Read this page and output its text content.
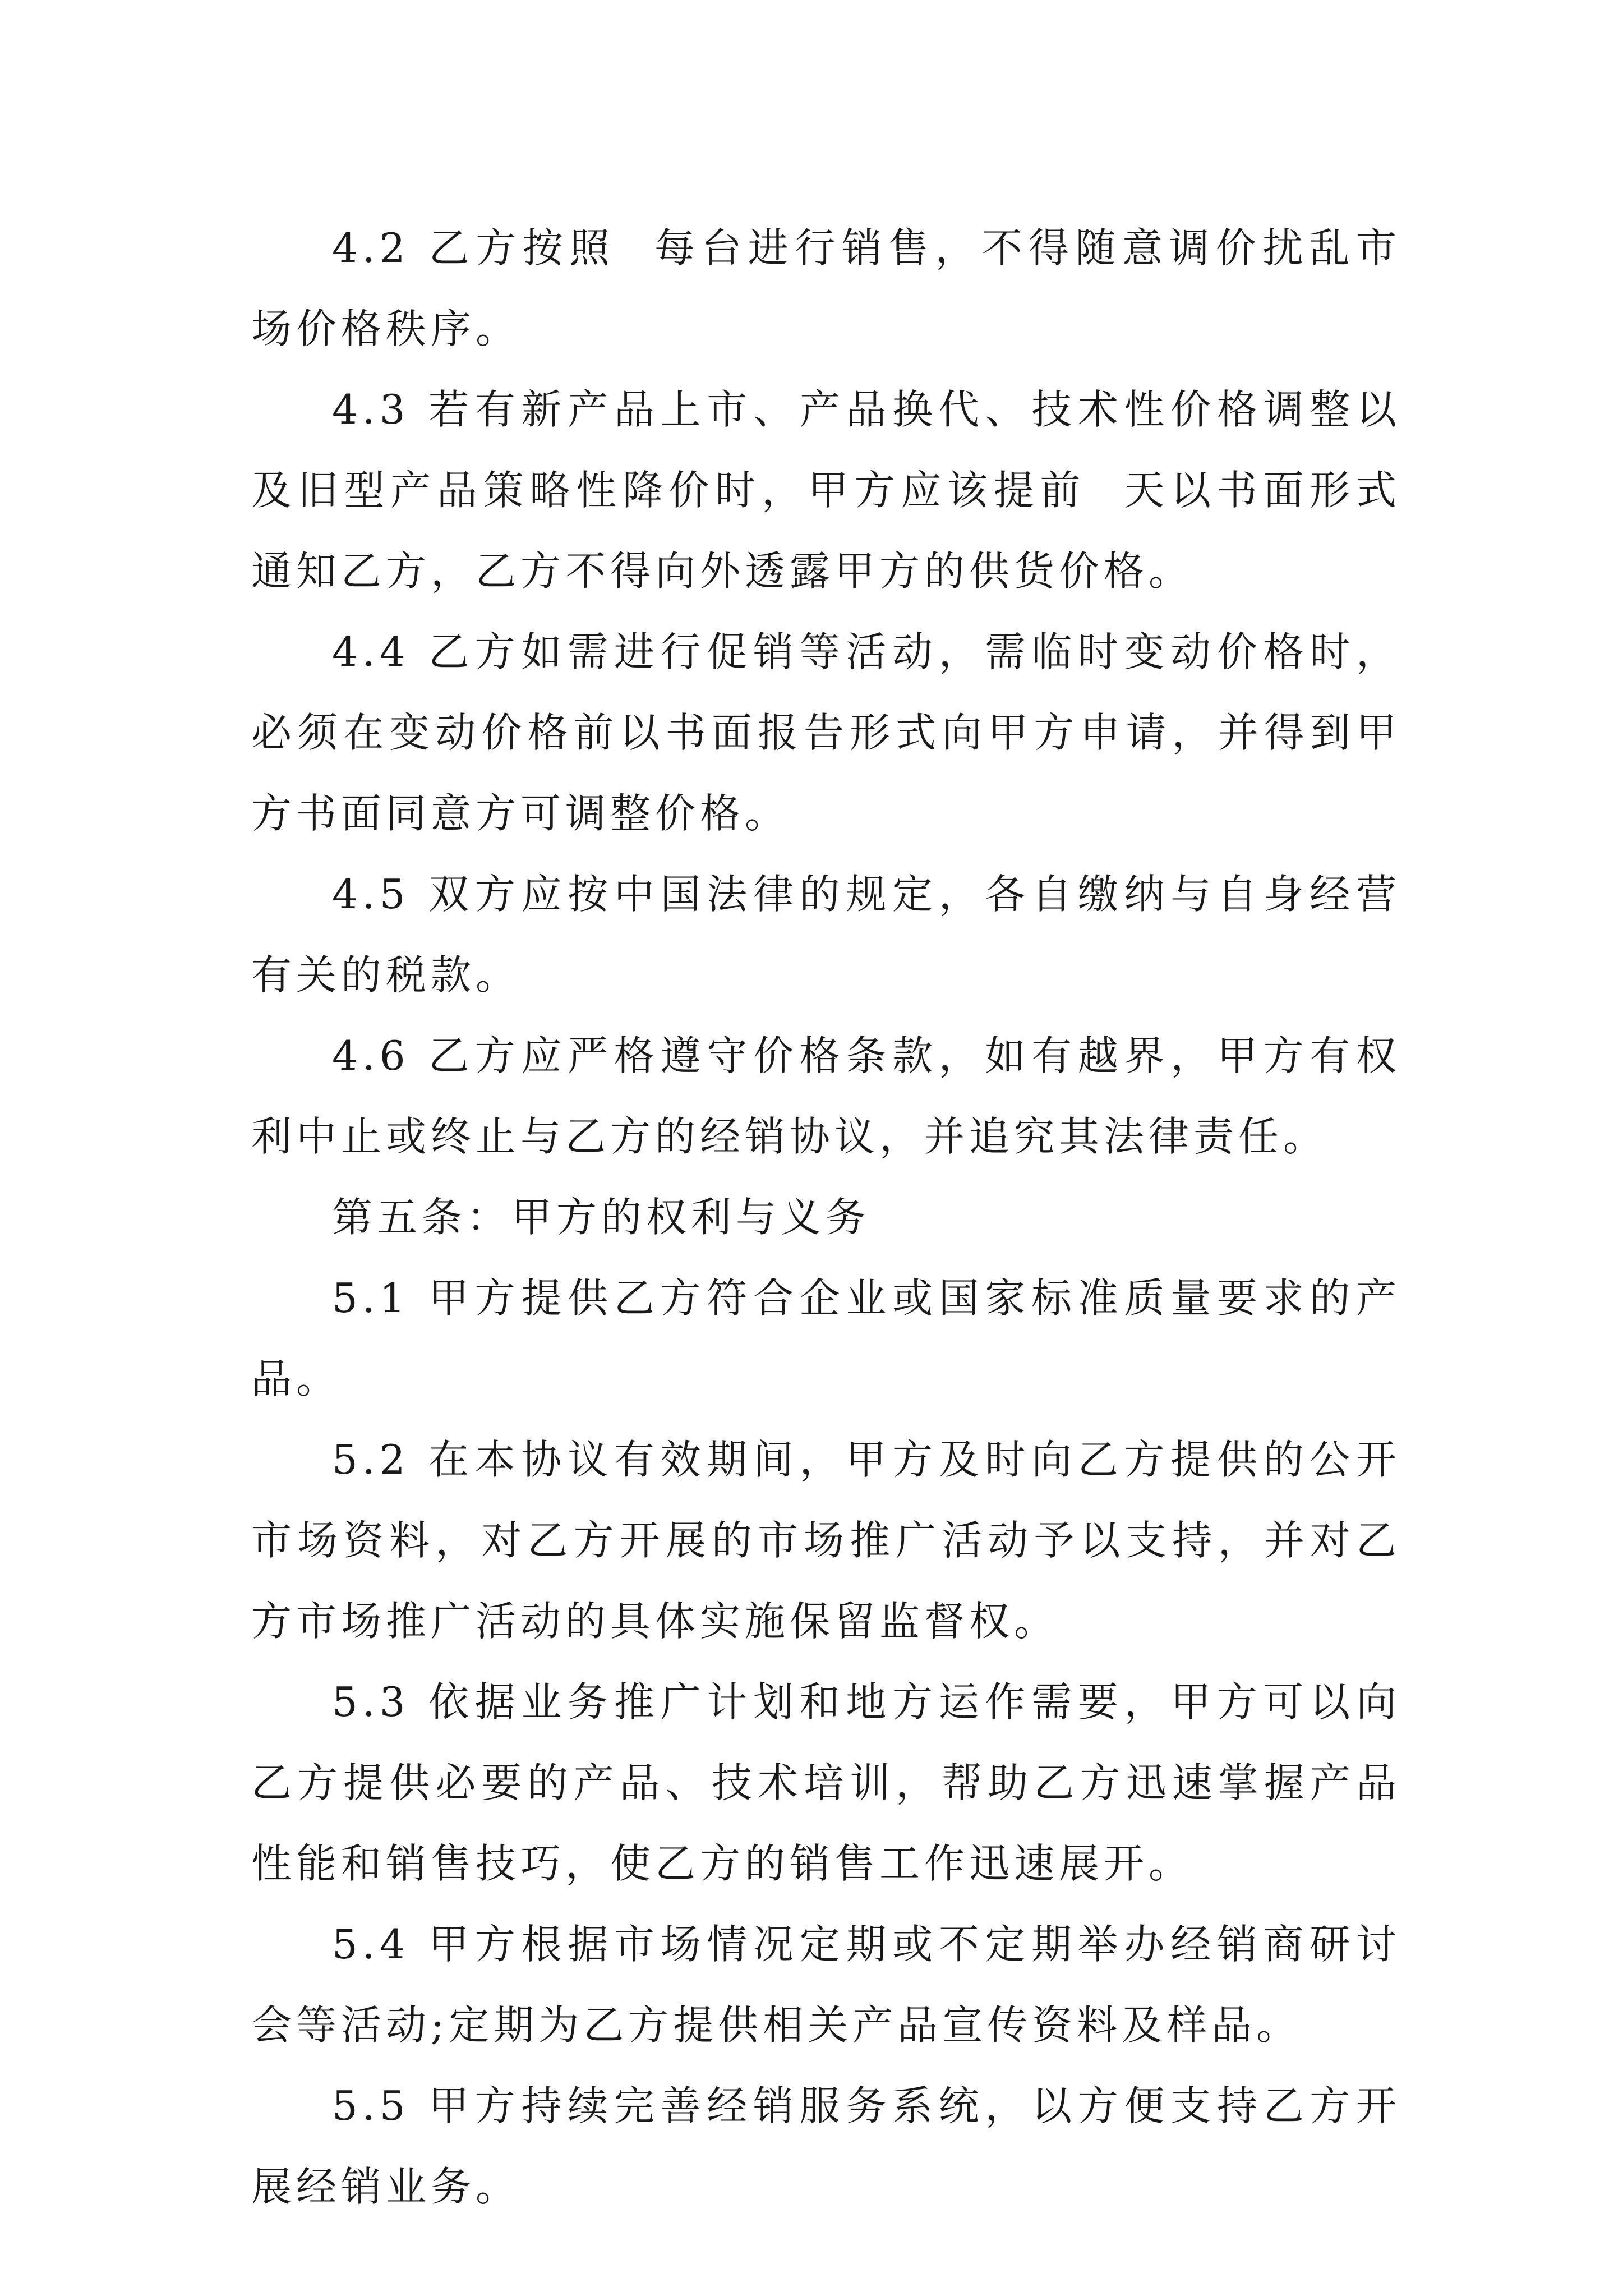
4.2 乙方按照  每台进行销售，不得随意调价扰乱市场价格秩序。

4.3 若有新产品上市、产品换代、技术性价格调整以及旧型产品策略性降价时，甲方应该提前  天以书面形式通知乙方，乙方不得向外透露甲方的供货价格。

4.4 乙方如需进行促销等活动，需临时变动价格时，必须在变动价格前以书面报告形式向甲方申请，并得到甲方书面同意方可调整价格。

4.5 双方应按中国法律的规定，各自缴纳与自身经营有关的税款。

4.6 乙方应严格遵守价格条款，如有越界，甲方有权利中止或终止与乙方的经销协议，并追究其法律责任。

第五条：甲方的权利与义务

5.1 甲方提供乙方符合企业或国家标准质量要求的产品。

5.2 在本协议有效期间，甲方及时向乙方提供的公开市场资料，对乙方开展的市场推广活动予以支持，并对乙方市场推广活动的具体实施保留监督权。

5.3 依据业务推广计划和地方运作需要，甲方可以向乙方提供必要的产品、技术培训，帮助乙方迅速掌握产品性能和销售技巧，使乙方的销售工作迅速展开。

5.4 甲方根据市场情况定期或不定期举办经销商研讨会等活动;定期为乙方提供相关产品宣传资料及样品。

5.5 甲方持续完善经销服务系统，以方便支持乙方开展经销业务。
